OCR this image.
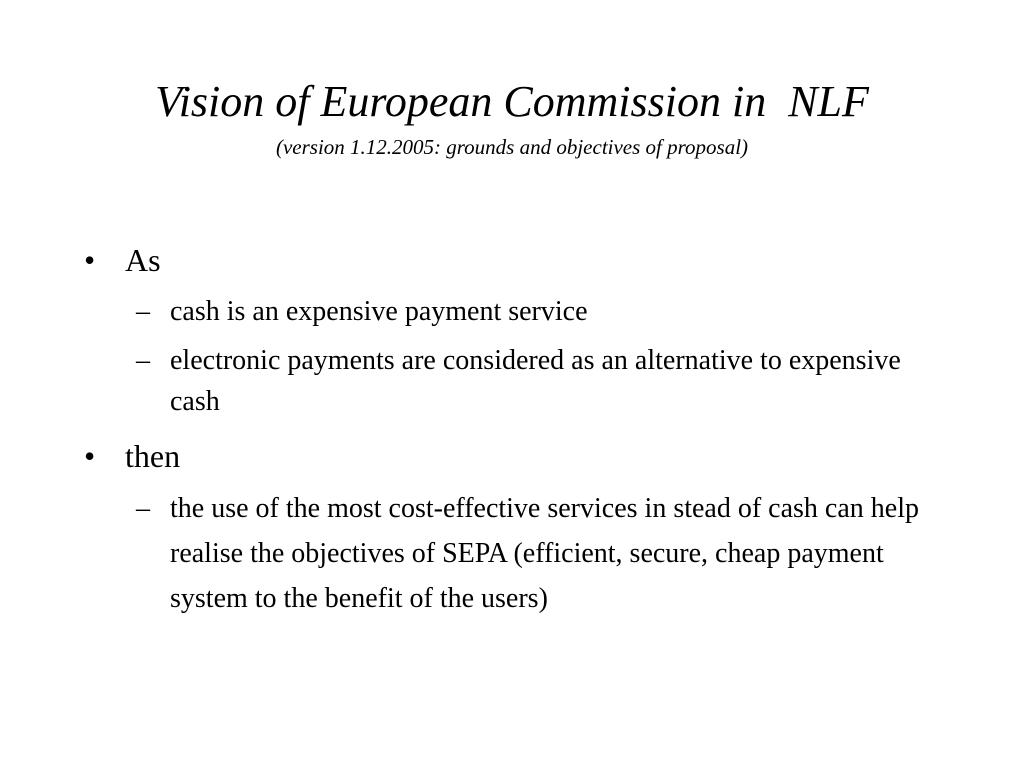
Vision of European Commission in  NLF
(version 1.12.2005: grounds and objectives of proposal)
• As
– cash is an expensive payment service
– electronic payments are considered as an alternative to expensive cash
• then
– the use of the most cost-effective services in stead of cash can help realise the objectives of SEPA (efficient, secure, cheap payment system to the benefit of the users)
